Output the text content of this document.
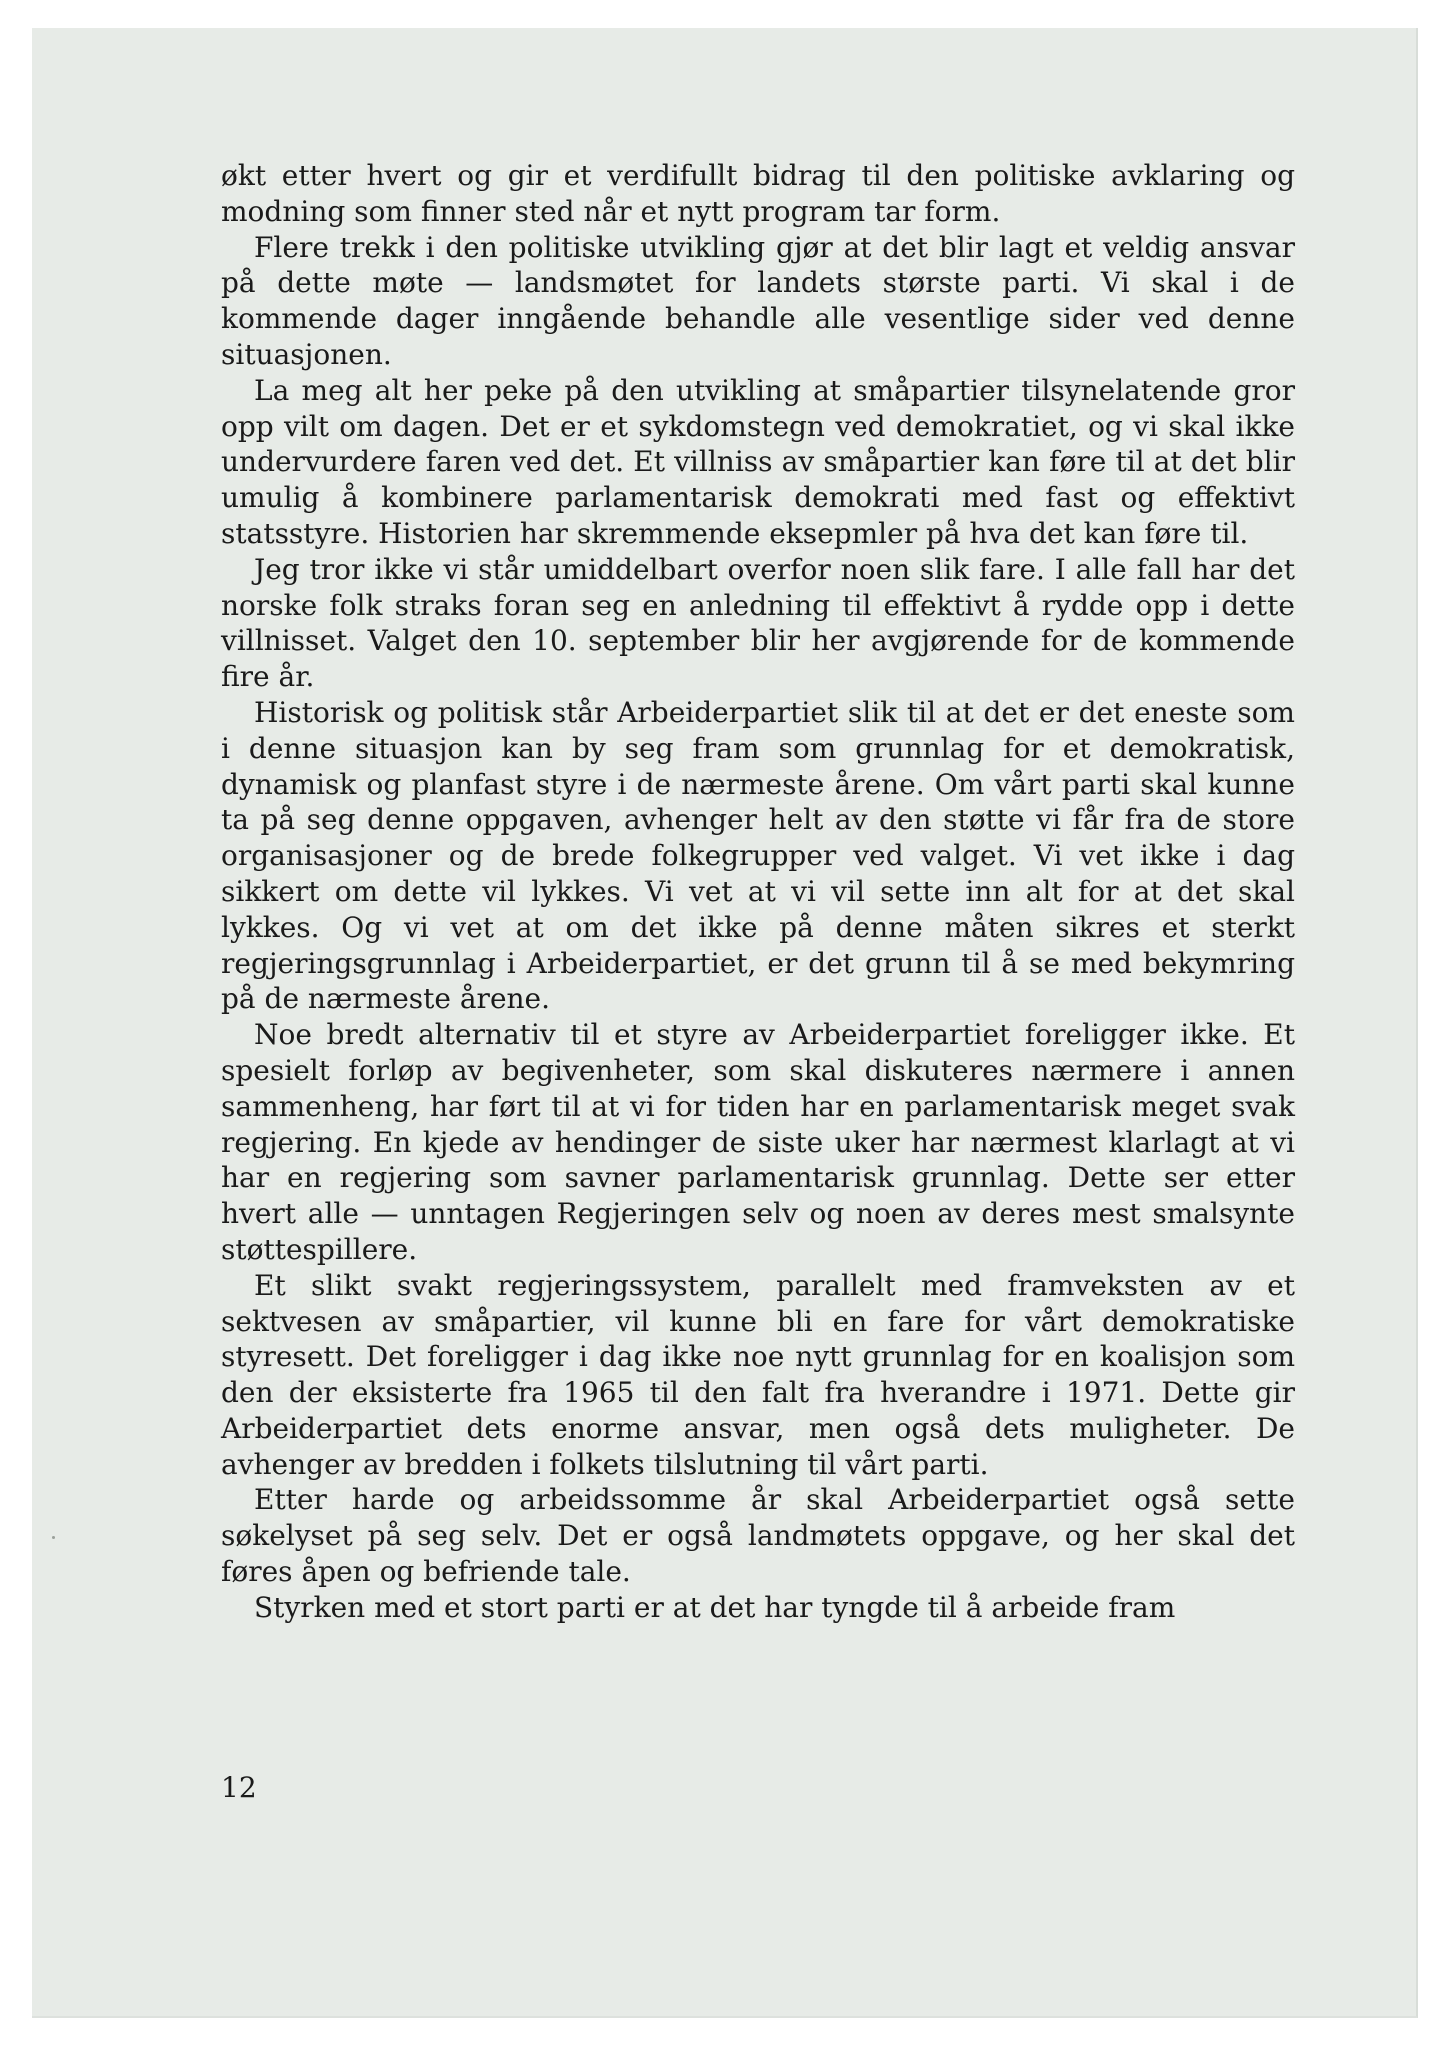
økt etter hvert og gir et verdifullt bidrag til den politiske avklaring og modning som finner sted når et nytt program tar form.

Flere trekk i den politiske utvikling gjør at det blir lagt et veldig ansvar på dette møte — landsmøtet for landets største parti. Vi skal i de kommende dager inngående behandle alle vesentlige sider ved denne situasjonen.

La meg alt her peke på den utvikling at småpartier tilsynelatende gror opp vilt om dagen. Det er et sykdomstegn ved demokratiet, og vi skal ikke undervurdere faren ved det. Et villniss av småpartier kan føre til at det blir umulig å kombinere parlamentarisk demokrati med fast og effektivt statsstyre. Historien har skremmende eksepmler på hva det kan føre til.

Jeg tror ikke vi står umiddelbart overfor noen slik fare. I alle fall har det norske folk straks foran seg en anledning til effektivt å rydde opp i dette villnisset. Valget den 10. september blir her avgjørende for de kommende fire år.

Historisk og politisk står Arbeiderpartiet slik til at det er det eneste som i denne situasjon kan by seg fram som grunnlag for et demokratisk, dynamisk og planfast styre i de nærmeste årene. Om vårt parti skal kunne ta på seg denne oppgaven, avhenger helt av den støtte vi får fra de store organisasjoner og de brede folkegrupper ved valget. Vi vet ikke i dag sikkert om dette vil lykkes. Vi vet at vi vil sette inn alt for at det skal lykkes. Og vi vet at om det ikke på denne måten sikres et sterkt regjeringsgrunnlag i Arbeiderpartiet, er det grunn til å se med bekymring på de nærmeste årene.

Noe bredt alternativ til et styre av Arbeiderpartiet foreligger ikke. Et spesielt forløp av begivenheter, som skal diskuteres nærmere i annen sammenheng, har ført til at vi for tiden har en parlamentarisk meget svak regjering. En kjede av hendinger de siste uker har nærmest klarlagt at vi har en regjering som savner parlamentarisk grunnlag. Dette ser etter hvert alle — unntagen Regjeringen selv og noen av deres mest smalsynte støttespillere.

Et slikt svakt regjeringssystem, parallelt med framveksten av et sektvesen av småpartier, vil kunne bli en fare for vårt demokratiske styresett. Det foreligger i dag ikke noe nytt grunnlag for en koalisjon som den der eksisterte fra 1965 til den falt fra hverandre i 1971. Dette gir Arbeiderpartiet dets enorme ansvar, men også dets muligheter. De avhenger av bredden i folkets tilslutning til vårt parti.

Etter harde og arbeidssomme år skal Arbeiderpartiet også sette søkelyset på seg selv. Det er også landmøtets oppgave, og her skal det føres åpen og befriende tale.

Styrken med et stort parti er at det har tyngde til å arbeide fram

12
